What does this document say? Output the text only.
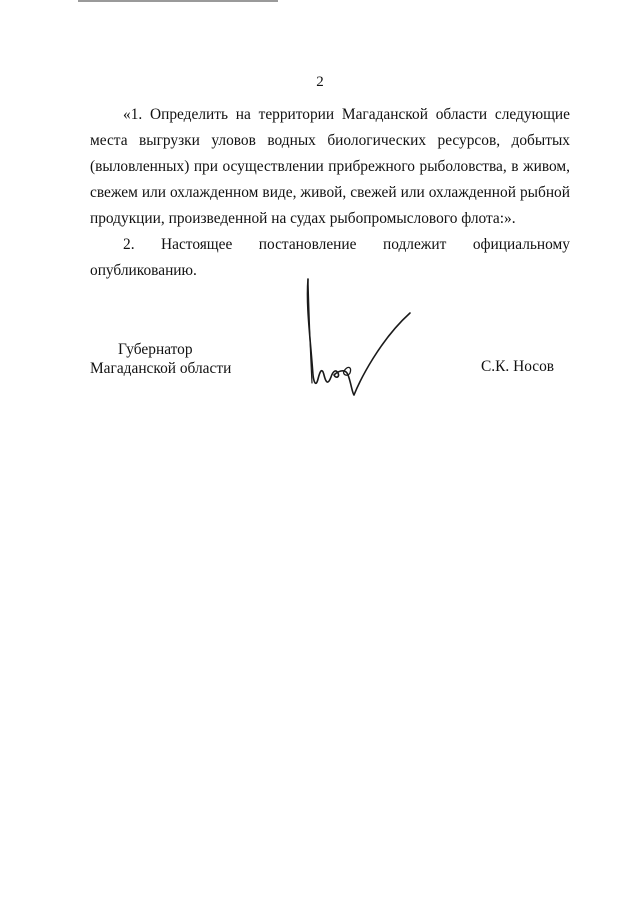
2
«1. Определить на территории Магаданской области следующие места выгрузки уловов водных биологических ресурсов, добытых (выловленных) при осуществлении прибрежного рыболовства, в живом, свежем или охлажденном виде, живой, свежей или охлажденной рыбной продукции, произведенной на судах рыбопромыслового флота:».
2. Настоящее постановление подлежит официальному
опубликованию.
Губернатор
Магаданской области	С.К. Носов
